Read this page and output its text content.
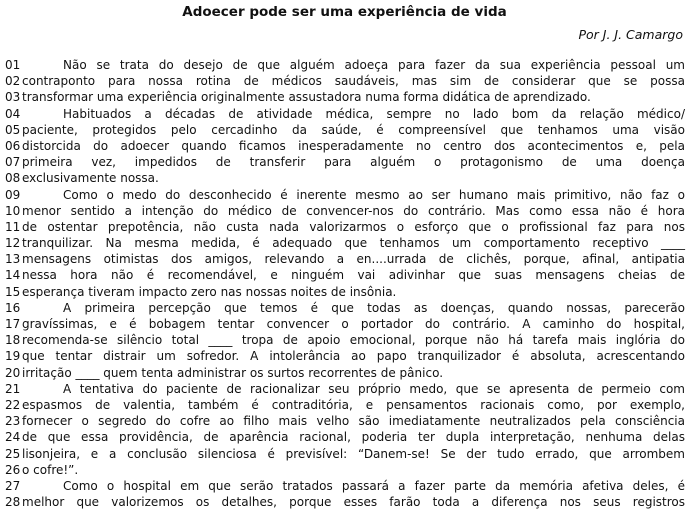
Adoecer pode ser uma experiência de vida
Por J. J. Camargo
01	Não se trata do desejo de que alguém adoeça para fazer da sua experiência pessoal um
02 contraponto para nossa rotina de médicos saudáveis, mas sim de considerar que se possa
03 transformar uma experiência originalmente assustadora numa forma didática de aprendizado.
04	Habituados a décadas de atividade médica, sempre no lado bom da relação médico/
05 paciente, protegidos pelo cercadinho da saúde, é compreensível que tenhamos uma visão
06 distorcida do adoecer quando ficamos inesperadamente no centro dos acontecimentos e, pela
07 primeira vez, impedidos de transferir para alguém o protagonismo de uma doença
08 exclusivamente nossa.
09	Como o medo do desconhecido é inerente mesmo ao ser humano mais primitivo, não faz o
10 menor sentido a intenção do médico de convencer-nos do contrário. Mas como essa não é hora
11 de ostentar prepotência, não custa nada valorizarmos o esforço que o profissional faz para nos
12 tranquilizar. Na mesma medida, é adequado que tenhamos um comportamento receptivo ____
13 mensagens otimistas dos amigos, relevando a en....urrada de clichês, porque, afinal, antipatia
14 nessa hora não é recomendável, e ninguém vai adivinhar que suas mensagens cheias de
15 esperança tiveram impacto zero nas nossas noites de insônia.
16	A primeira percepção que temos é que todas as doenças, quando nossas, parecerão
17 gravíssimas, e é bobagem tentar convencer o portador do contrário. A caminho do hospital,
18 recomenda-se silêncio total ____ tropa de apoio emocional, porque não há tarefa mais inglória do
19 que tentar distrair um sofredor. A intolerância ao papo tranquilizador é absoluta, acrescentando
20 irritação ____ quem tenta administrar os surtos recorrentes de pânico.
21	A tentativa do paciente de racionalizar seu próprio medo, que se apresenta de permeio com
22 espasmos de valentia, também é contraditória, e pensamentos racionais como, por exemplo,
23 fornecer o segredo do cofre ao filho mais velho são imediatamente neutralizados pela consciência
24 de que essa providência, de aparência racional, poderia ter dupla interpretação, nenhuma delas
25 lisonjeira, e a conclusão silenciosa é previsível: “Danem-se! Se der tudo errado, que arrombem
26 o cofre!”.
27	Como o hospital em que serão tratados passará a fazer parte da memória afetiva deles, é
28 melhor que valorizemos os detalhes, porque esses farão toda a diferença nos seus registros
